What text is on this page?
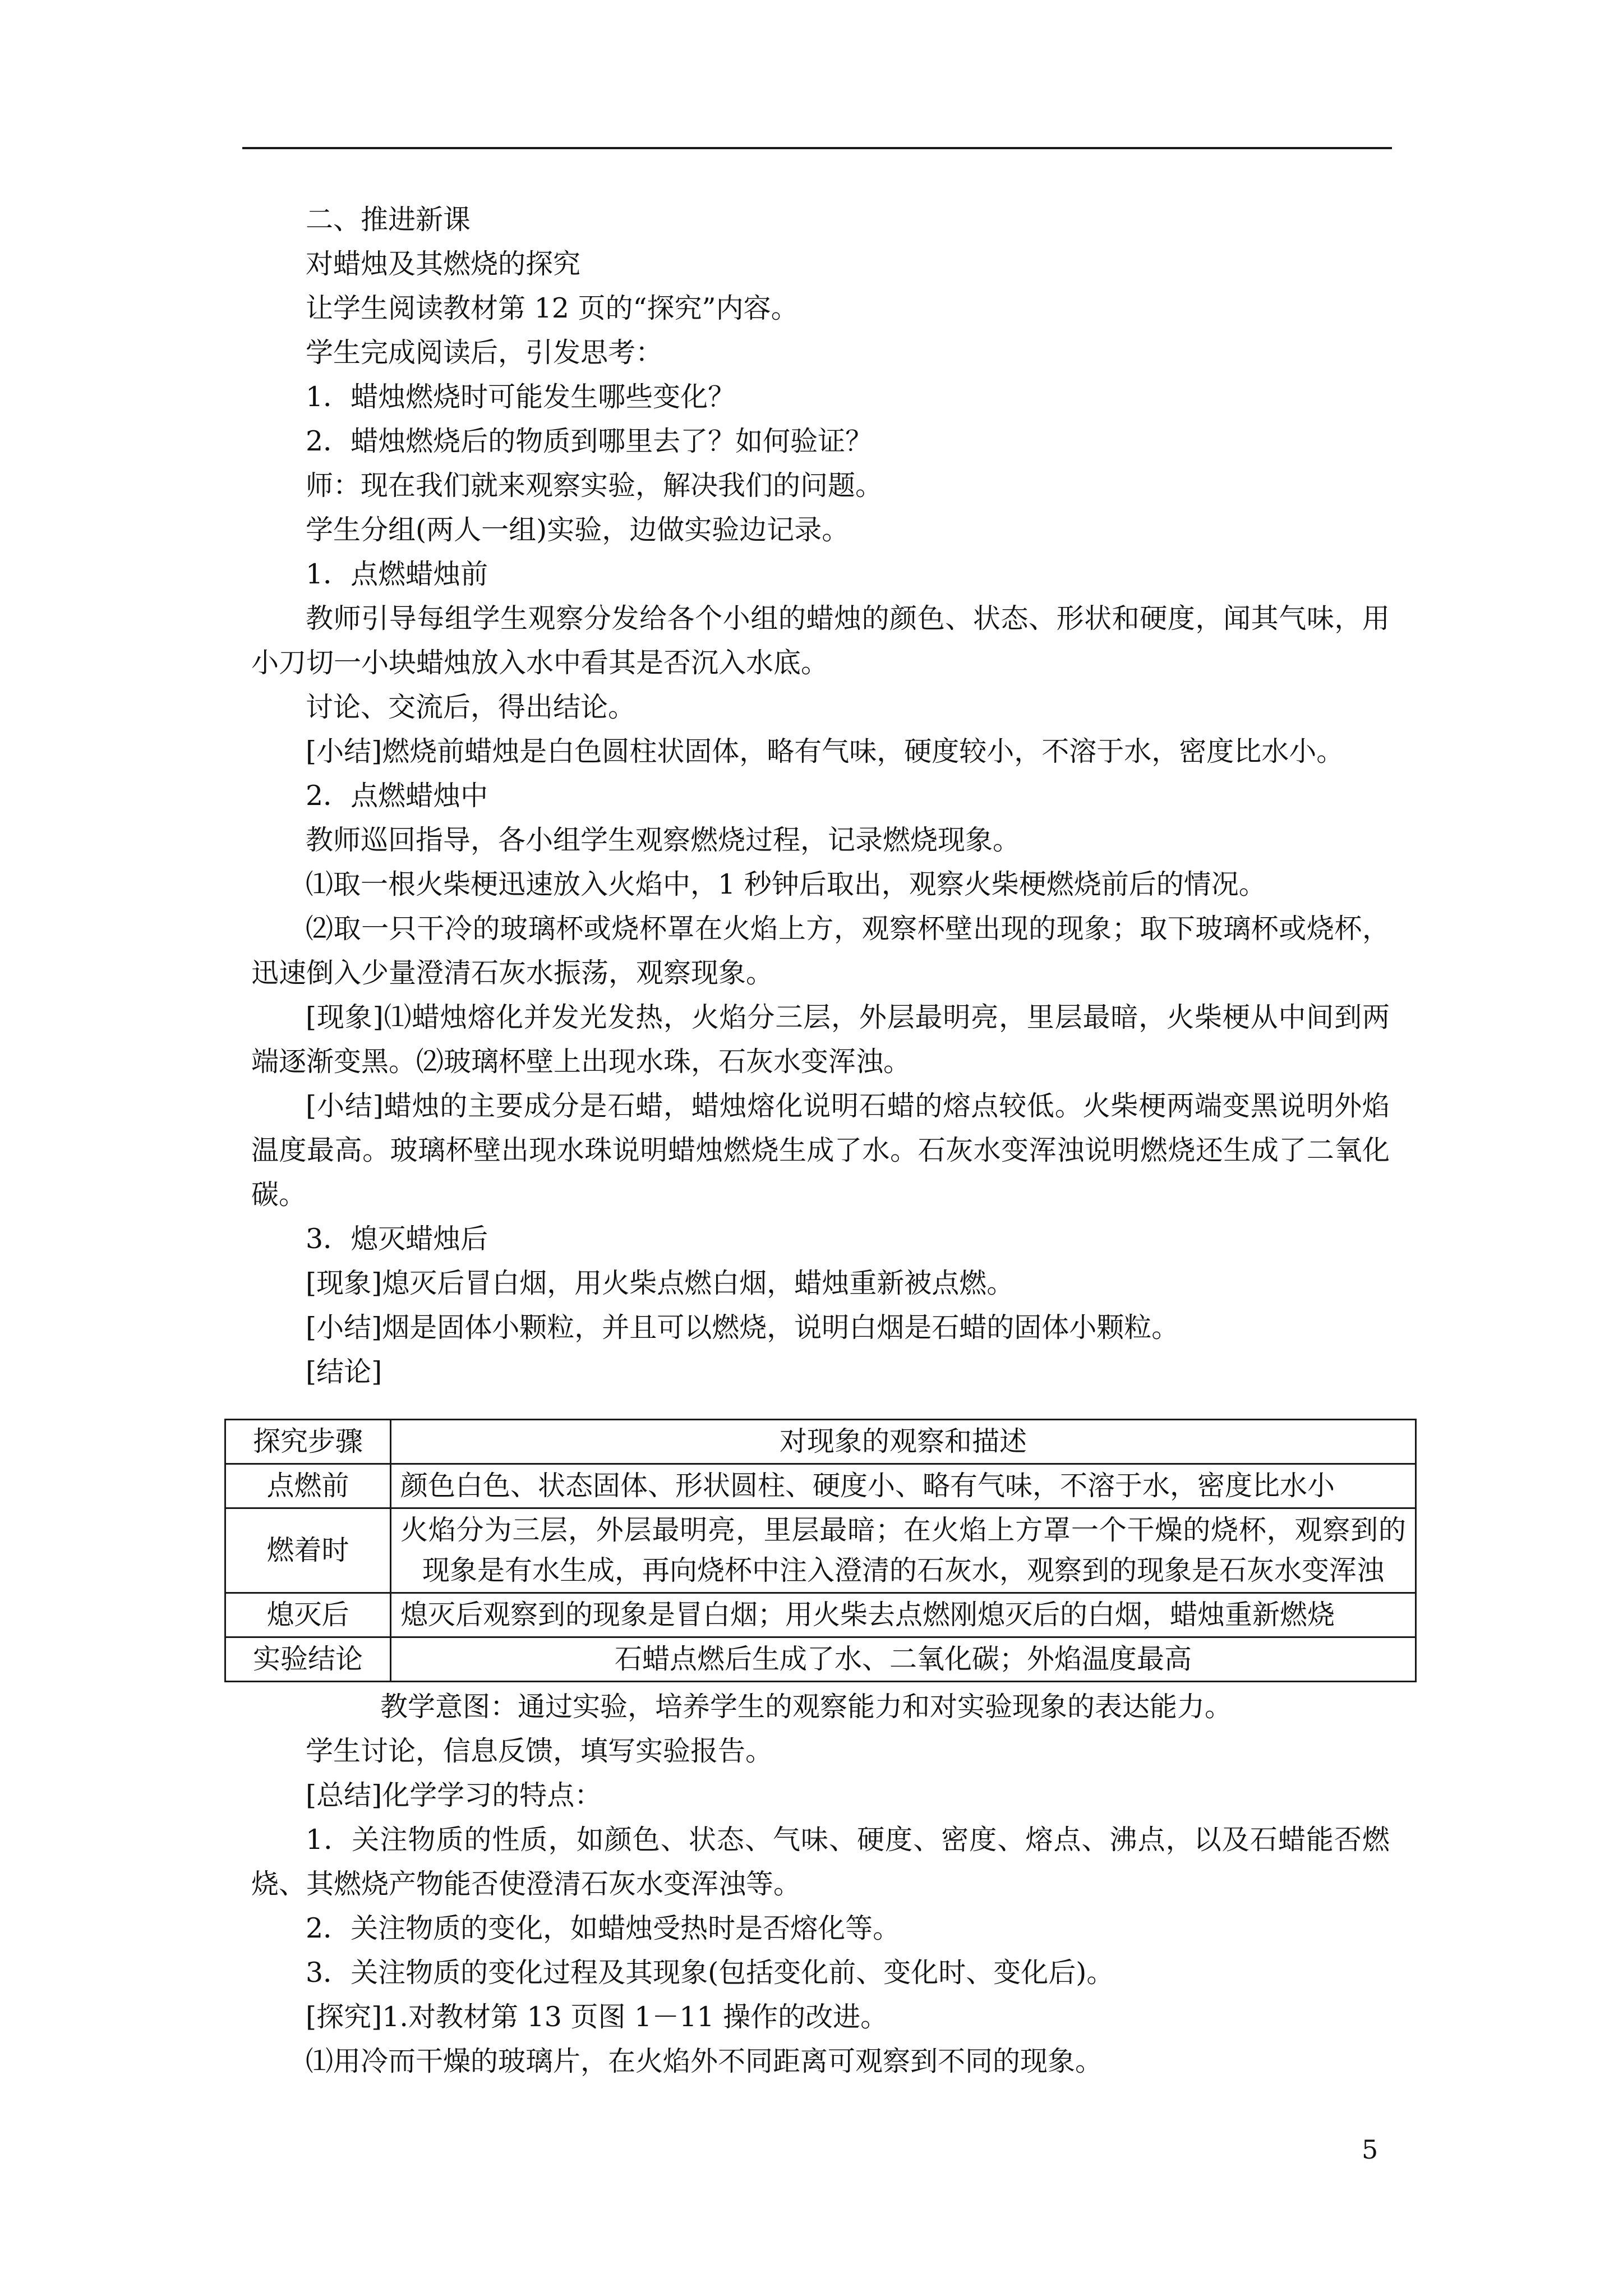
二、推进新课

对蜡烛及其燃烧的探究

让学生阅读教材第 12 页的“探究”内容。

学生完成阅读后，引发思考：

1．蜡烛燃烧时可能发生哪些变化？

2．蜡烛燃烧后的物质到哪里去了？如何验证？

师：现在我们就来观察实验，解决我们的问题。

学生分组(两人一组)实验，边做实验边记录。

1．点燃蜡烛前

教师引导每组学生观察分发给各个小组的蜡烛的颜色、状态、形状和硬度，闻其气味，用小刀切一小块蜡烛放入水中看其是否沉入水底。

讨论、交流后，得出结论。

[小结]燃烧前蜡烛是白色圆柱状固体，略有气味，硬度较小，不溶于水，密度比水小。

2．点燃蜡烛中

教师巡回指导，各小组学生观察燃烧过程，记录燃烧现象。

⑴取一根火柴梗迅速放入火焰中，1 秒钟后取出，观察火柴梗燃烧前后的情况。

⑵取一只干冷的玻璃杯或烧杯罩在火焰上方，观察杯壁出现的现象；取下玻璃杯或烧杯，迅速倒入少量澄清石灰水振荡，观察现象。

[现象]⑴蜡烛熔化并发光发热，火焰分三层，外层最明亮，里层最暗，火柴梗从中间到两端逐渐变黑。⑵玻璃杯壁上出现水珠，石灰水变浑浊。

[小结]蜡烛的主要成分是石蜡，蜡烛熔化说明石蜡的熔点较低。火柴梗两端变黑说明外焰温度最高。玻璃杯壁出现水珠说明蜡烛燃烧生成了水。石灰水变浑浊说明燃烧还生成了二氧化碳。

3．熄灭蜡烛后

[现象]熄灭后冒白烟，用火柴点燃白烟，蜡烛重新被点燃。

[小结]烟是固体小颗粒，并且可以燃烧，说明白烟是石蜡的固体小颗粒。

[结论]

探究步骤	对现象的观察和描述
点燃前	颜色白色、状态固体、形状圆柱、硬度小、略有气味，不溶于水，密度比水小
燃着时	火焰分为三层，外层最明亮，里层最暗；在火焰上方罩一个干燥的烧杯，观察到的现象是有水生成，再向烧杯中注入澄清的石灰水，观察到的现象是石灰水变浑浊
熄灭后	熄灭后观察到的现象是冒白烟；用火柴去点燃刚熄灭后的白烟，蜡烛重新燃烧
实验结论	石蜡点燃后生成了水、二氧化碳；外焰温度最高

教学意图：通过实验，培养学生的观察能力和对实验现象的表达能力。

学生讨论，信息反馈，填写实验报告。

[总结]化学学习的特点：

1．关注物质的性质，如颜色、状态、气味、硬度、密度、熔点、沸点，以及石蜡能否燃烧、其燃烧产物能否使澄清石灰水变浑浊等。

2．关注物质的变化，如蜡烛受热时是否熔化等。

3．关注物质的变化过程及其现象(包括变化前、变化时、变化后)。

[探究]1.对教材第 13 页图 1－11 操作的改进。

⑴用冷而干燥的玻璃片，在火焰外不同距离可观察到不同的现象。

5
